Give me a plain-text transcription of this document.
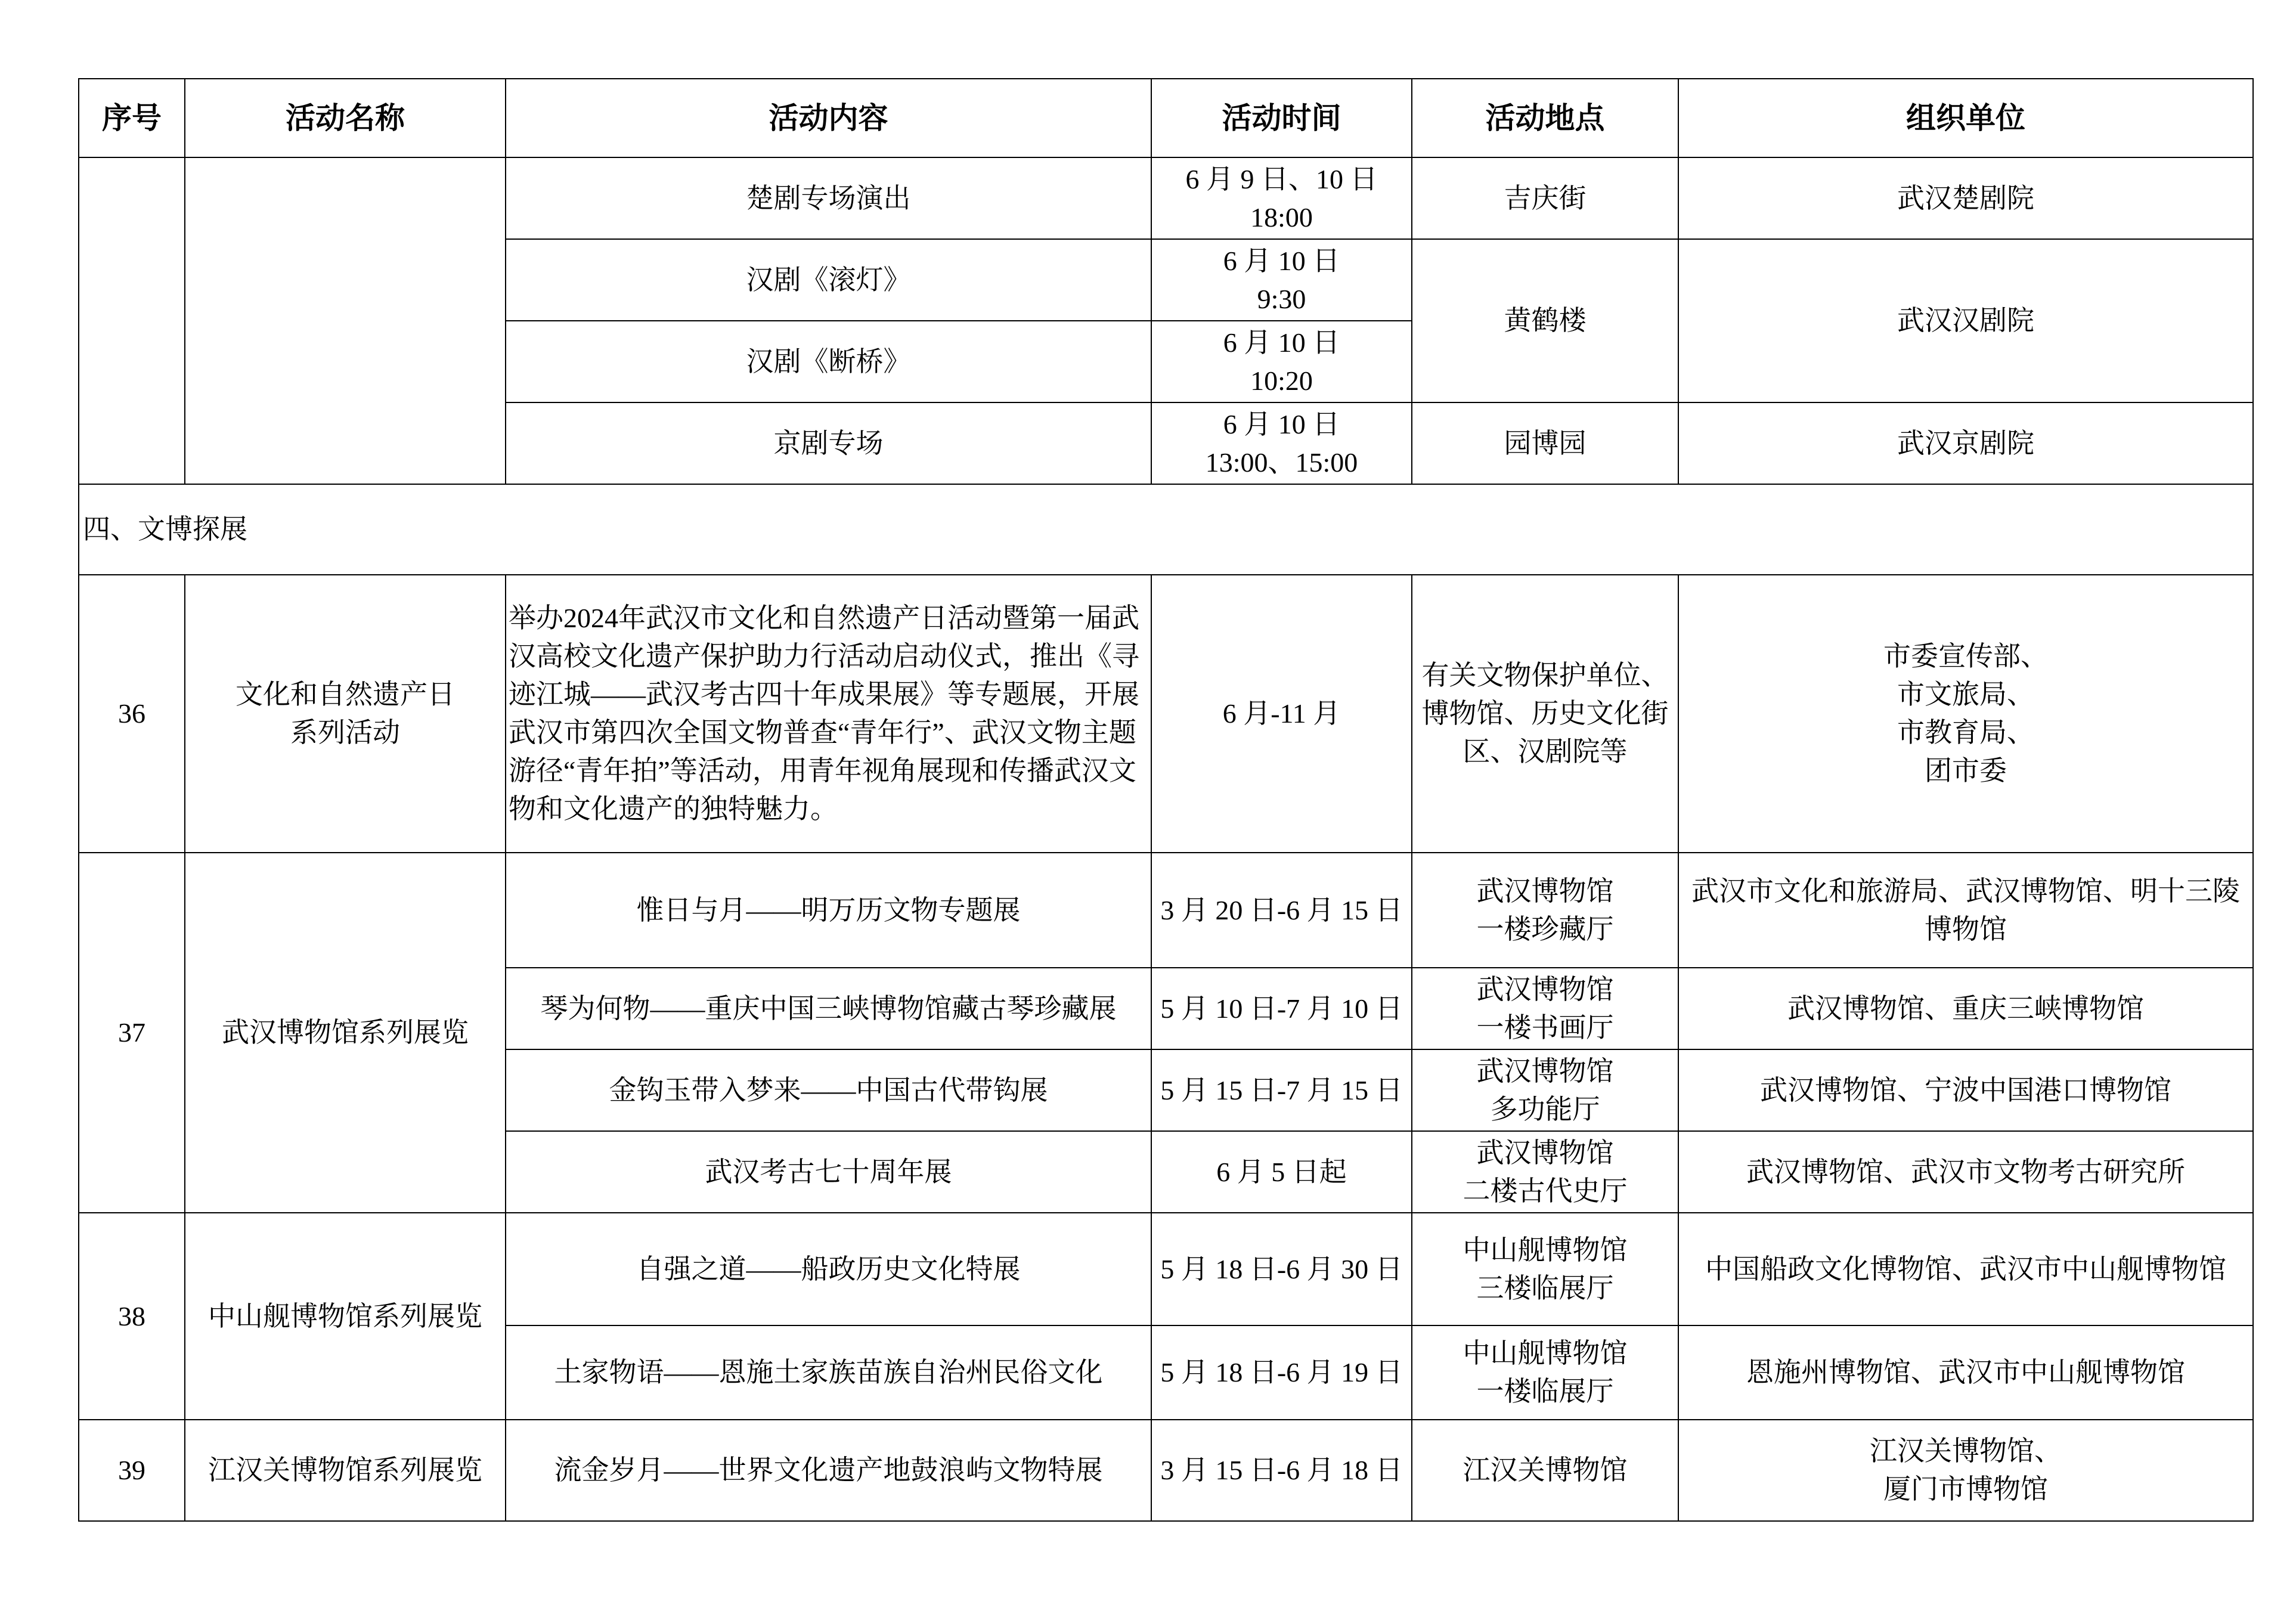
序号	活动名称	活动内容	活动时间	活动地点	组织单位
		楚剧专场演出	6 月 9 日、10 日
18:00	吉庆街	武汉楚剧院
		汉剧《滚灯》	6 月 10 日
9:30	黄鹤楼	武汉汉剧院
		汉剧《断桥》	6 月 10 日
10:20		
		京剧专场	6 月 10 日
13:00、15:00	园博园	武汉京剧院
四、文博探展					
36	文化和自然遗产日
系列活动	举办2024年武汉市文化和自然遗产日活动暨第一届武汉高校文化遗产保护助力行活动启动仪式，推出《寻迹江城——武汉考古四十年成果展》等专题展，开展武汉市第四次全国文物普查“青年行”、武汉文物主题游径“青年拍”等活动，用青年视角展现和传播武汉文物和文化遗产的独特魅力。	6 月-11 月	有关文物保护单位、博物馆、历史文化街区、汉剧院等	市委宣传部、
市文旅局、
市教育局、
团市委
37	武汉博物馆系列展览	惟日与月——明万历文物专题展	3 月 20 日-6 月 15 日	武汉博物馆
一楼珍藏厅	武汉市文化和旅游局、武汉博物馆、明十三陵博物馆
		琴为何物——重庆中国三峡博物馆藏古琴珍藏展	5 月 10 日-7 月 10 日	武汉博物馆
一楼书画厅	武汉博物馆、重庆三峡博物馆
		金钩玉带入梦来——中国古代带钩展	5 月 15 日-7 月 15 日	武汉博物馆
多功能厅	武汉博物馆、宁波中国港口博物馆
		武汉考古七十周年展	6 月 5 日起	武汉博物馆
二楼古代史厅	武汉博物馆、武汉市文物考古研究所
38	中山舰博物馆系列展览	自强之道——船政历史文化特展	5 月 18 日-6 月 30 日	中山舰博物馆
三楼临展厅	中国船政文化博物馆、武汉市中山舰博物馆
		土家物语——恩施土家族苗族自治州民俗文化	5 月 18 日-6 月 19 日	中山舰博物馆
一楼临展厅	恩施州博物馆、武汉市中山舰博物馆
39	江汉关博物馆系列展览	流金岁月——世界文化遗产地鼓浪屿文物特展	3 月 15 日-6 月 18 日	江汉关博物馆	江汉关博物馆、
厦门市博物馆
